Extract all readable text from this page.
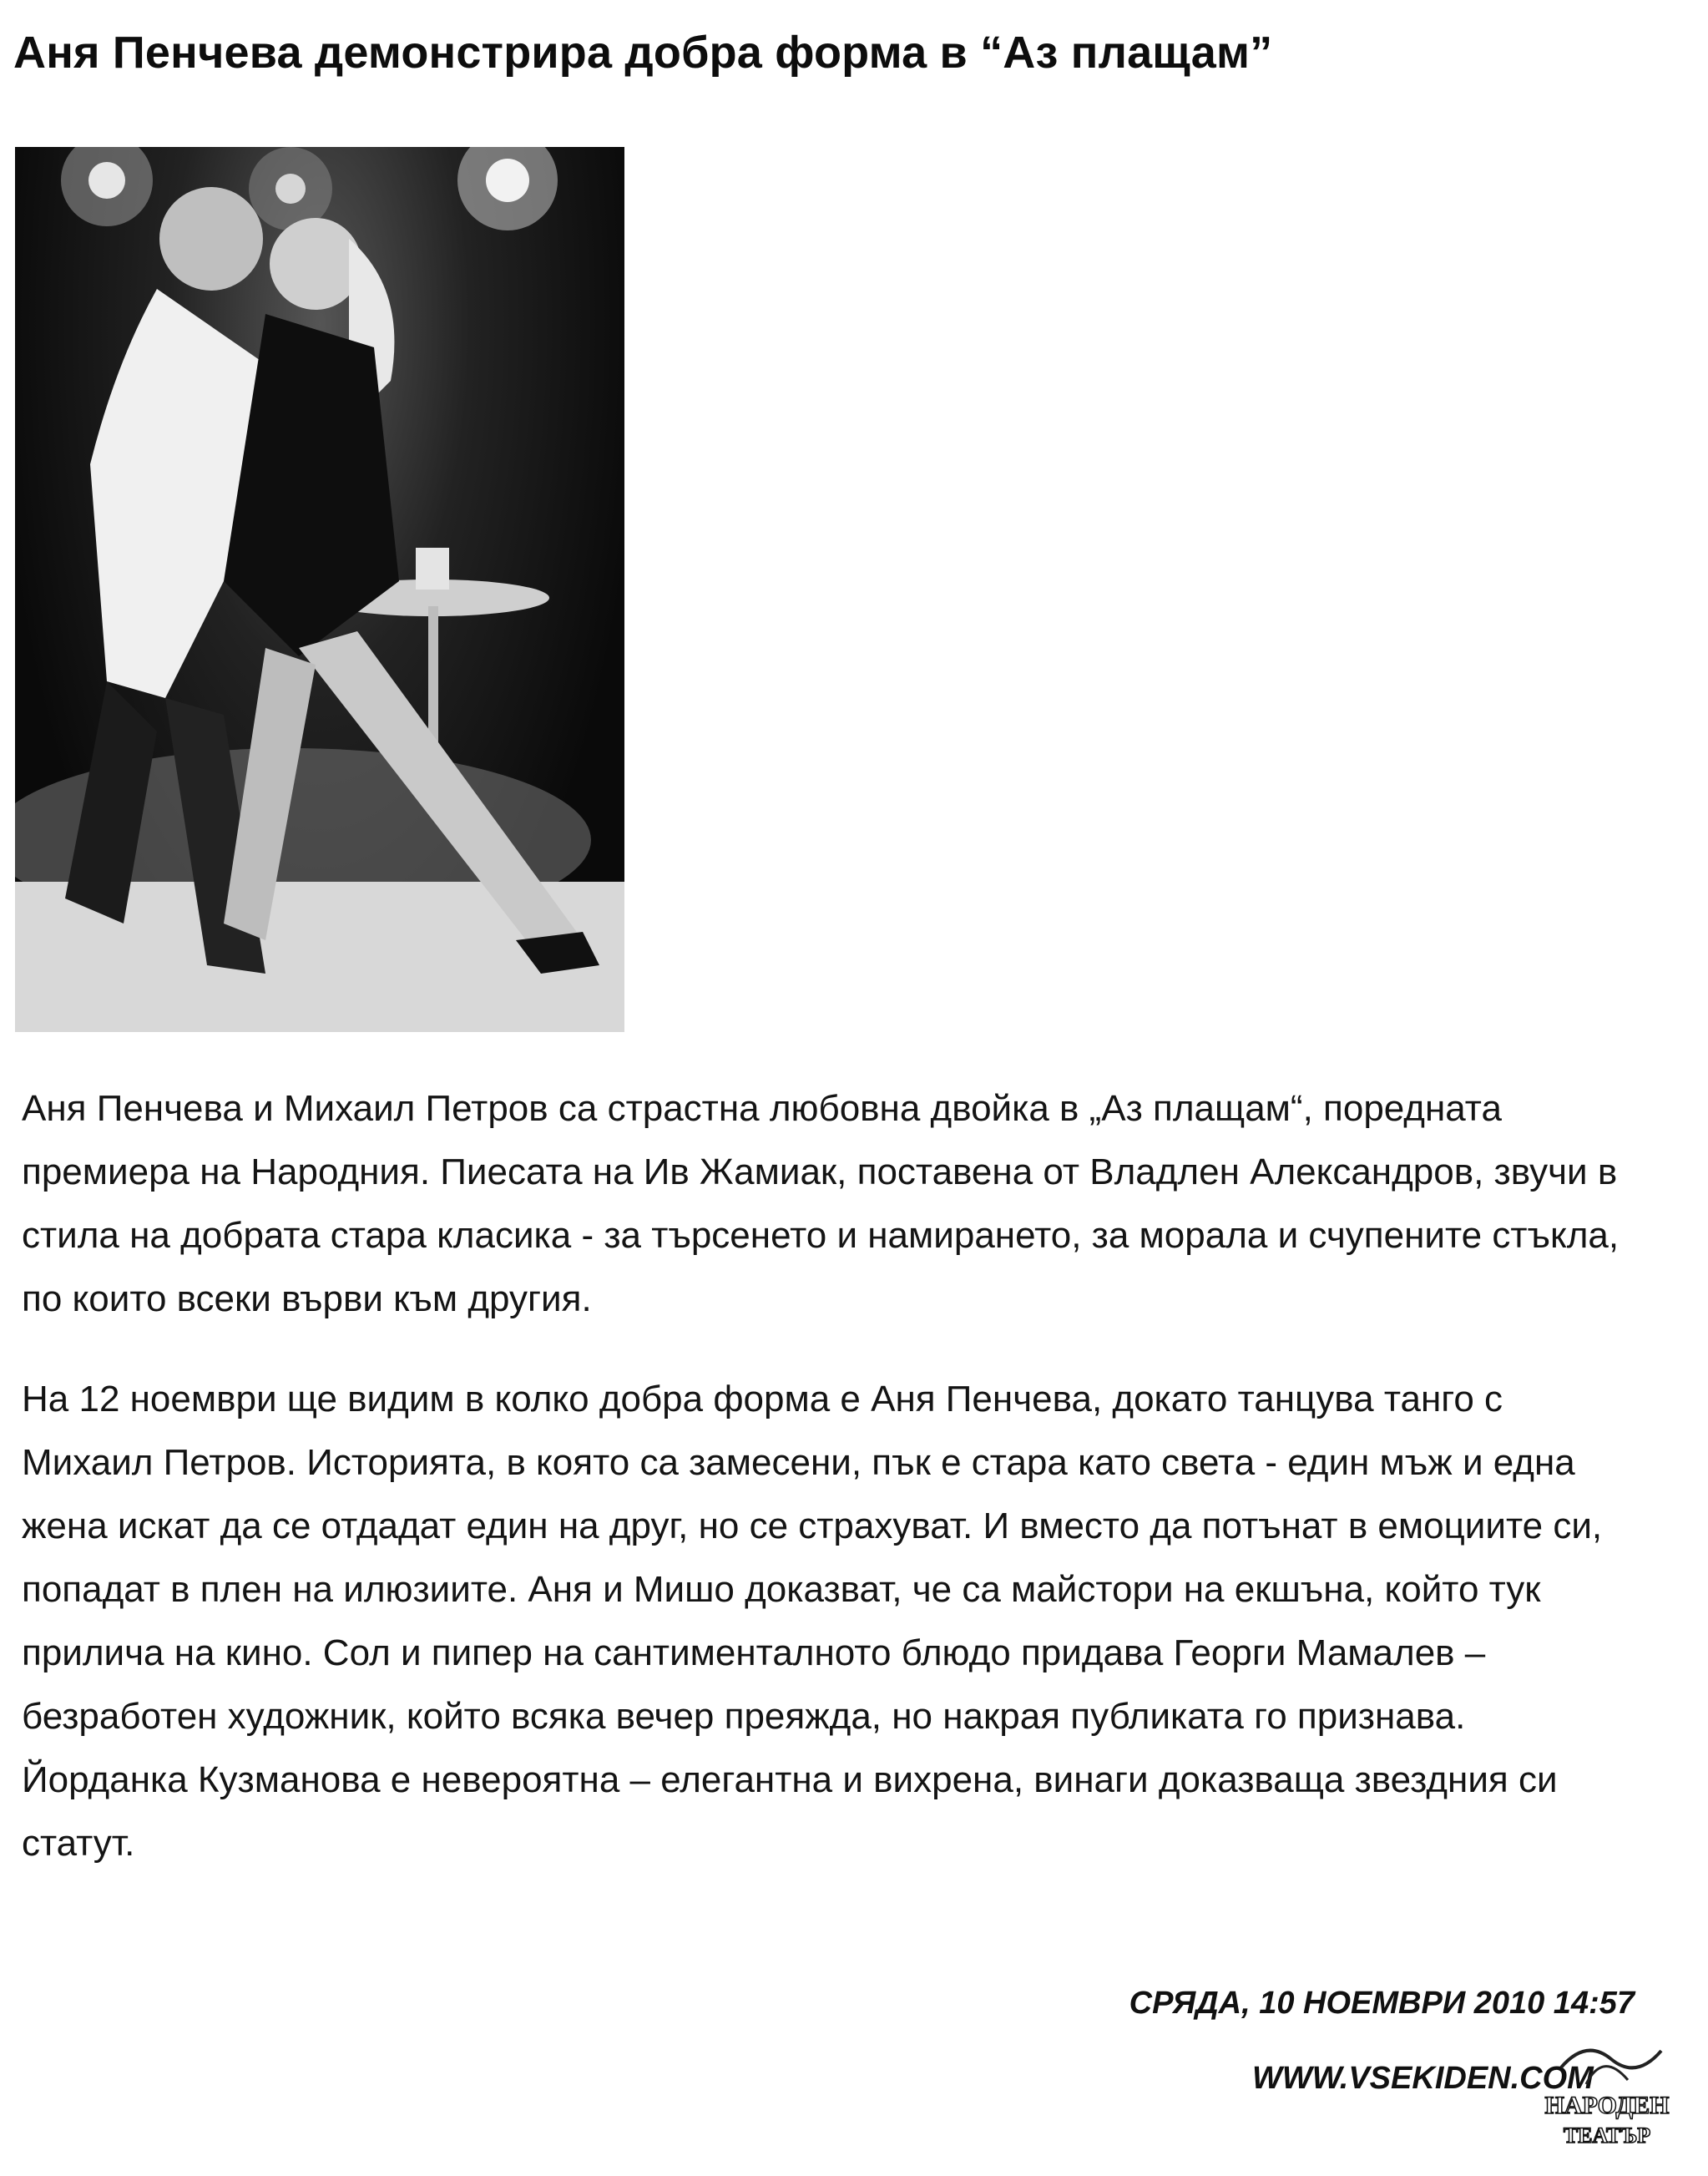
Аня Пенчева демонстрира добра форма в “Аз плащам”

Аня Пенчева и Михаил Петров са страстна любовна двойка в „Аз плащам“, поредната премиера на Народния. Пиесата на Ив Жамиак, поставена от Владлен Александров, звучи в стила на добрата стара класика - за търсенето и намирането, за морала и счупените стъкла, по които всеки върви към другия.

На 12 ноември ще видим в колко добра форма е Аня Пенчева, докато танцува танго с Михаил Петров. Историята, в която са замесени, пък е стара като света - един мъж и една жена искат да се отдадат един на друг, но се страхуват. И вместо да потънат в емоциите си, попадат в плен на илюзиите. Аня и Мишо доказват, че са майстори на екшъна, който тук прилича на кино. Сол и пипер на сантименталното блюдо придава Георги Мамалев – безработен художник, който всяка вечер преяжда, но накрая публиката го признава. Йорданка Кузманова е невероятна – елегантна и вихрена, винаги доказваща звездния си статут.

СРЯДА, 10 НОЕМВРИ 2010 14:57
WWW.VSEKIDEN.COM
НАРОДЕН
ТЕАТЪР
